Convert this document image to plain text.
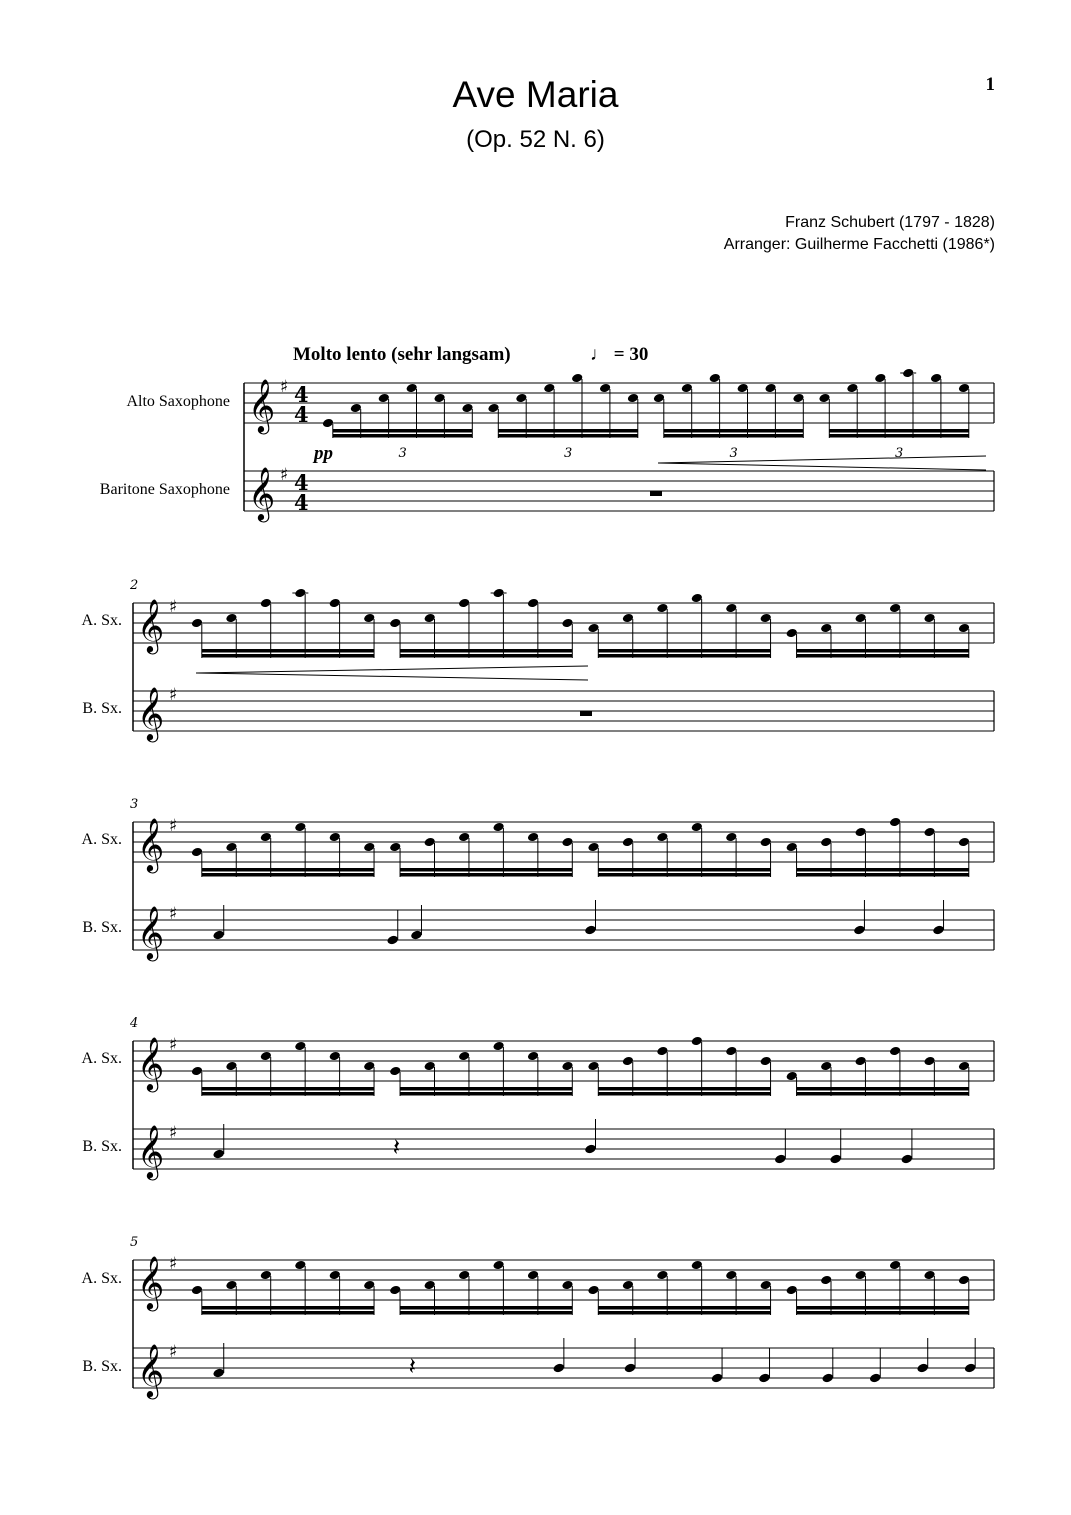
1
Ave Maria
(Op. 52 N. 6)
Franz Schubert (1797 - 1828)
Arranger: Guilherme Facchetti (1986*)
Molto lento (sehr langsam)	♩ = 30
pp
Alto Saxophone
Baritone Saxophone
A. Sx.
B. Sx.
A. Sx.
B. Sx.
A. Sx.
B. Sx.
A. Sx.
B. Sx.
𝄞
𝄞
♯
♯
4
4
4
4
3	3	3	3
𝄞
𝄞
♯
♯
2
𝄞
𝄞
♯
♯
3
𝄞
𝄞
♯
♯
4
𝄽
𝄞
𝄞
♯
♯
5
𝄽
